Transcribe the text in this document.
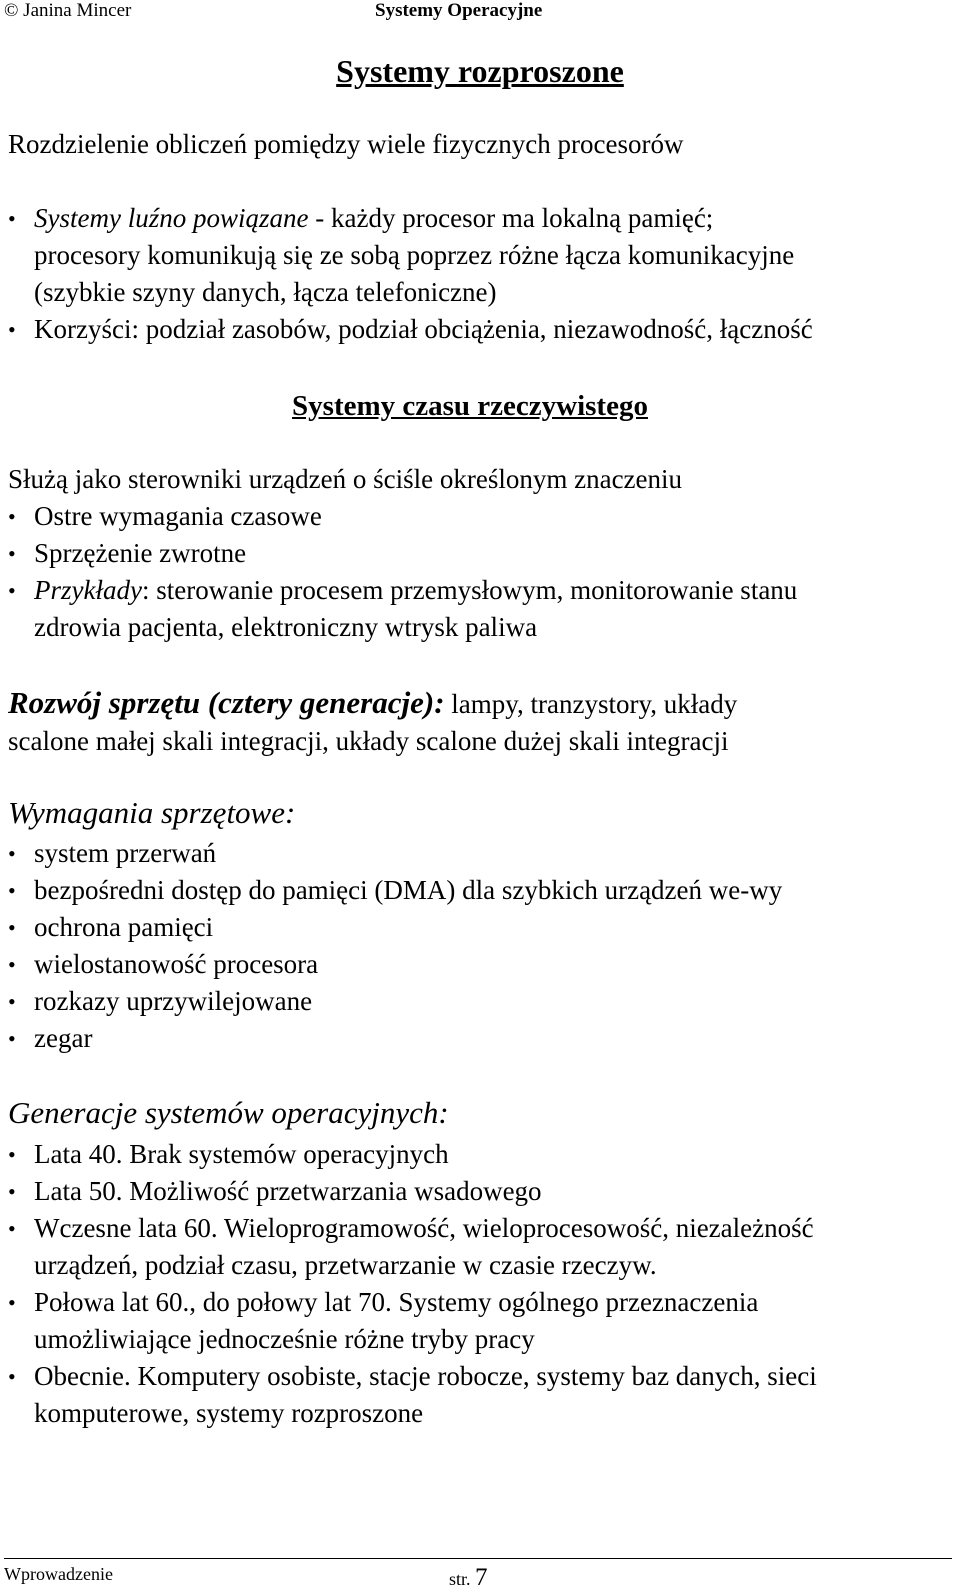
© Janina Mincer	Systemy Operacyjne
Systemy rozproszone
Rozdzielenie obliczeń pomiędzy wiele fizycznych procesorów
• Systemy luźno powiązane - każdy procesor ma lokalną pamięć;
procesory komunikują się ze sobą poprzez różne łącza komunikacyjne
(szybkie szyny danych, łącza telefoniczne)
• Korzyści: podział zasobów, podział obciążenia, niezawodność, łączność
Systemy czasu rzeczywistego
Służą jako sterowniki urządzeń o ściśle określonym znaczeniu
• Ostre wymagania czasowe
• Sprzężenie zwrotne
• Przykłady: sterowanie procesem przemysłowym, monitorowanie stanu
zdrowia pacjenta, elektroniczny wtrysk paliwa
Rozwój sprzętu (cztery generacje): lampy, tranzystory, układy
scalone małej skali integracji, układy scalone dużej skali integracji
Wymagania sprzętowe:
• system przerwań
• bezpośredni dostęp do pamięci (DMA) dla szybkich urządzeń we-wy
• ochrona pamięci
• wielostanowość procesora
• rozkazy uprzywilejowane
• zegar
Generacje systemów operacyjnych:
• Lata 40. Brak systemów operacyjnych
• Lata 50. Możliwość przetwarzania wsadowego
• Wczesne lata 60. Wieloprogramowość, wieloprocesowość, niezależność
urządzeń, podział czasu, przetwarzanie w czasie rzeczyw.
• Połowa lat 60., do połowy lat 70. Systemy ogólnego przeznaczenia
umożliwiające jednocześnie różne tryby pracy
• Obecnie. Komputery osobiste, stacje robocze, systemy baz danych, sieci
komputerowe, systemy rozproszone
Wprowadzenie	str. 7
